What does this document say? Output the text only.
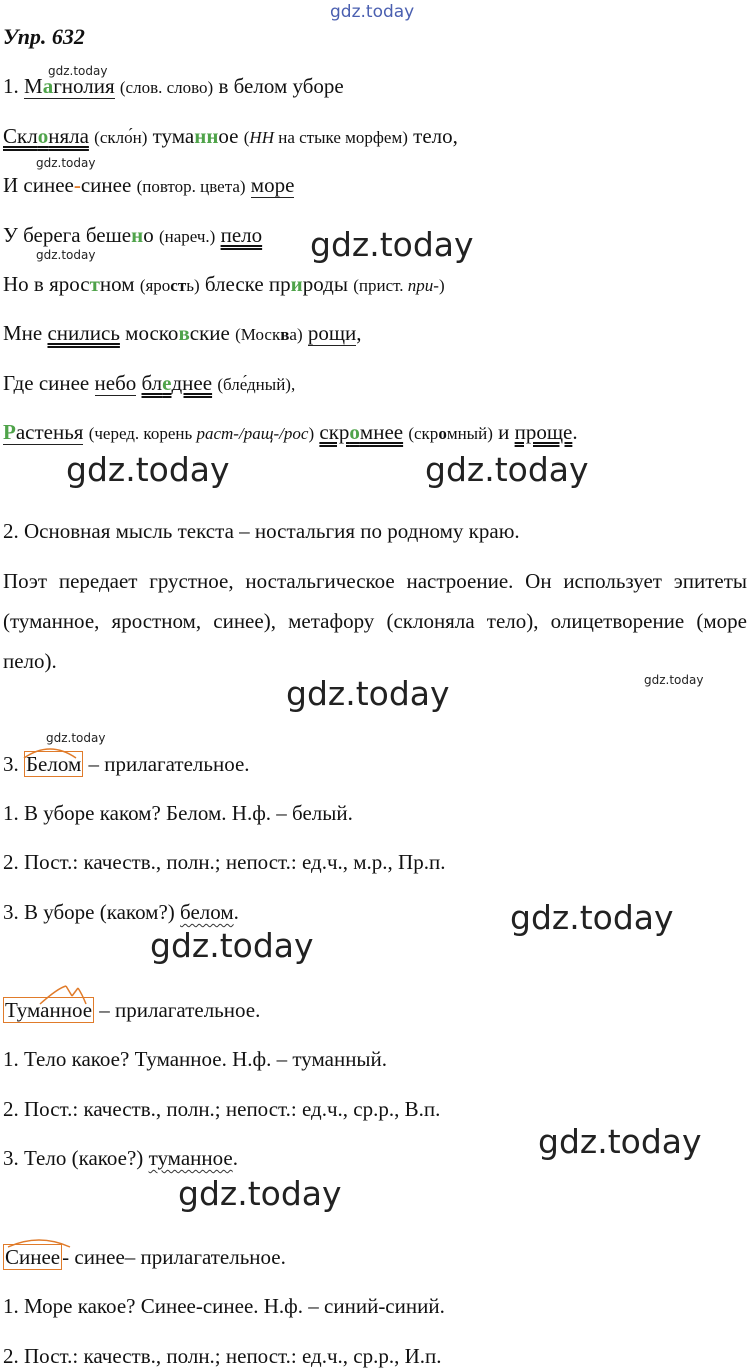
gdz.today
gdz.today
gdz.today
gdz.today
gdz.today
gdz.today	gdz.today
gdz.today	gdz.today
gdz.today
gdz.today
gdz.today
gdz.today
gdz.today
Упр. 632
1. Магнолия (слов. слово) в белом уборе
Склоняла (скло́н) туманное (НН на стыке морфем) тело,
И синее-синее (повтор. цвета) море
У берега бешено (нареч.) пело
Но в яростном (ярость) блеске природы (прист. при-)
Мне снились московские (Москва) рощи,
Где синее небо бледнее (бле́дный),
Растенья (черед. корень раст-/ращ-/рос) скромнее (скромный) и проще.
2. Основная мысль текста – ностальгия по родному краю.
Поэт передает грустное, ностальгическое настроение. Он использует эпитеты (туманное, яростном, синее), метафору (склоняла тело), олицетворение (море пело).
3. Белом – прилагательное.
1. В уборе каком? Белом. Н.ф. – белый.
2. Пост.: качеств., полн.; непост.: ед.ч., м.р., Пр.п.
3. В уборе (каком?) белом.
Туманное – прилагательное.
1. Тело какое? Туманное. Н.ф. – туманный.
2. Пост.: качеств., полн.; непост.: ед.ч., ср.р., В.п.
3. Тело (какое?) туманное.
Синее- синее– прилагательное.
1. Море какое? Синее-синее. Н.ф. – синий-синий.
2. Пост.: качеств., полн.; непост.: ед.ч., ср.р., И.п.
